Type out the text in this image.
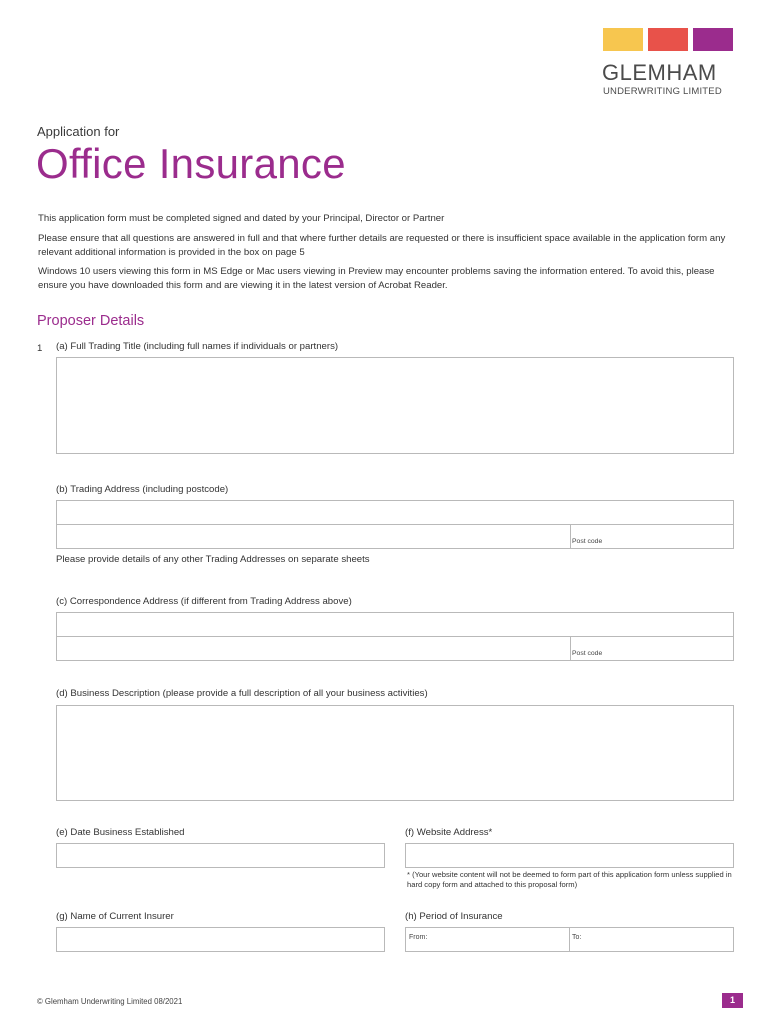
GLEMHAM
UNDERWRITING LIMITED
Application for
Office Insurance

This application form must be completed signed and dated by your Principal, Director or Partner

Please ensure that all questions are answered in full and that where further details are requested or there is insufficient space available in the application form any relevant additional information is provided in the box on page 5

Windows 10 users viewing this form in MS Edge or Mac users viewing in Preview may encounter problems saving the information entered. To avoid this, please ensure you have downloaded this form and are viewing it in the latest version of Acrobat Reader.

Proposer Details
1 (a) Full Trading Title (including full names if individuals or partners)
(b) Trading Address (including postcode)
Post code
Please provide details of any other Trading Addresses on separate sheets
(c) Correspondence Address (if different from Trading Address above)
Post code
(d) Business Description (please provide a full description of all your business activities)
(e) Date Business Established	(f) Website Address*

* (Your website content will not be deemed to form part of this application form unless supplied in hard copy form and attached to this proposal form)

(g) Name of Current Insurer	(h) Period of Insurance
From:	To:
© Glemham Underwriting Limited 08/2021	1
